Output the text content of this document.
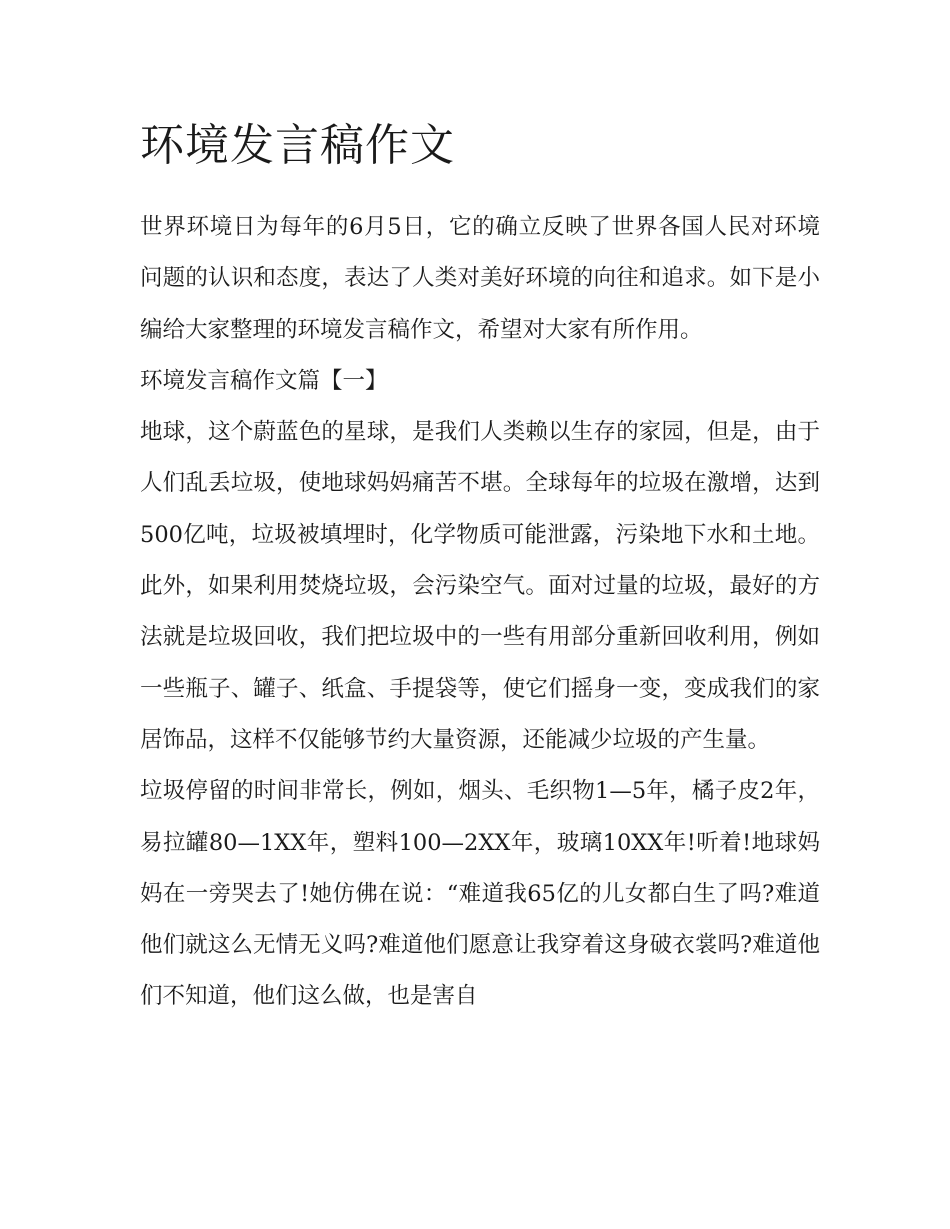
环境发言稿作文

世界环境日为每年的6月5日，它的确立反映了世界各国人民对环境问题的认识和态度，表达了人类对美好环境的向往和追求。如下是小编给大家整理的环境发言稿作文，希望对大家有所作用。

环境发言稿作文篇【一】

地球，这个蔚蓝色的星球，是我们人类赖以生存的家园，但是，由于人们乱丢垃圾，使地球妈妈痛苦不堪。全球每年的垃圾在激增，达到500亿吨，垃圾被填埋时，化学物质可能泄露，污染地下水和土地。此外，如果利用焚烧垃圾，会污染空气。面对过量的垃圾，最好的方法就是垃圾回收，我们把垃圾中的一些有用部分重新回收利用，例如一些瓶子、罐子、纸盒、手提袋等，使它们摇身一变，变成我们的家居饰品，这样不仅能够节约大量资源，还能减少垃圾的产生量。

垃圾停留的时间非常长，例如，烟头、毛织物1—5年，橘子皮2年，易拉罐80—1XX年，塑料100—2XX年，玻璃10XX年!听着!地球妈妈在一旁哭去了!她仿佛在说：“难道我65亿的儿女都白生了吗?难道他们就这么无情无义吗?难道他们愿意让我穿着这身破衣裳吗?难道他们不知道，他们这么做，也是害自
